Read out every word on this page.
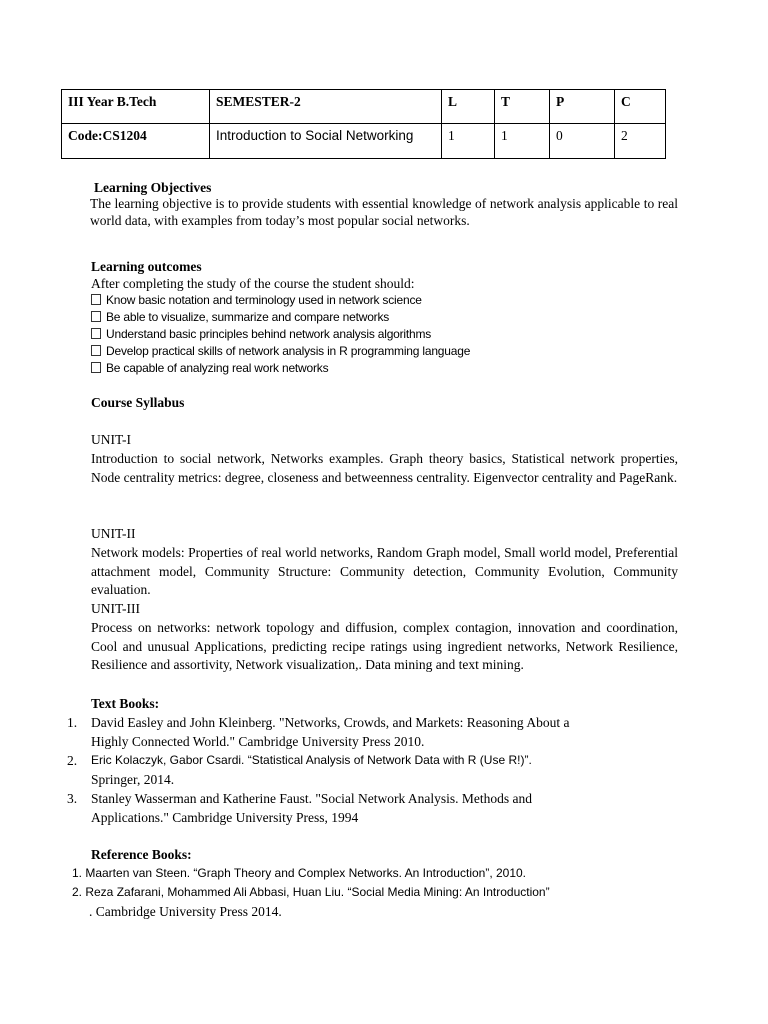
III Year B.Tech	SEMESTER-2	L	T	P	C
Code:CS1204	Introduction to Social Networking	1	1	0	2
Learning Objectives
The learning objective is to provide students with essential knowledge of network analysis applicable to real world data, with examples from today’s most popular social networks.
Learning outcomes
After completing the study of the course the student should:
Know basic notation and terminology used in network science
Be able to visualize, summarize and compare networks
Understand basic principles behind network analysis algorithms
Develop practical skills of network analysis in R programming language
Be capable of analyzing real work networks
Course Syllabus
UNIT-I
Introduction to social network, Networks examples. Graph theory basics, Statistical network properties, Node centrality metrics: degree, closeness and betweenness centrality. Eigenvector centrality and PageRank.
UNIT-II
Network models: Properties of real world networks, Random Graph model, Small world model, Preferential attachment model, Community Structure: Community detection, Community Evolution, Community evaluation.
UNIT-III
Process on networks: network topology and diffusion, complex contagion, innovation and coordination, Cool and unusual Applications, predicting recipe ratings using ingredient networks, Network Resilience, Resilience and assortivity, Network visualization,. Data mining and text mining.
Text Books:
1. David Easley and John Kleinberg. "Networks, Crowds, and Markets: Reasoning About a
Highly Connected World." Cambridge University Press 2010.
2. Eric Kolaczyk, Gabor Csardi. “Statistical Analysis of Network Data with R (Use R!)”.
Springer, 2014.
3. Stanley Wasserman and Katherine Faust. "Social Network Analysis. Methods and
Applications." Cambridge University Press, 1994
Reference Books:
1. Maarten van Steen. “Graph Theory and Complex Networks. An Introduction”, 2010.
2. Reza Zafarani, Mohammed Ali Abbasi, Huan Liu. “Social Media Mining: An Introduction”
. Cambridge University Press 2014.
